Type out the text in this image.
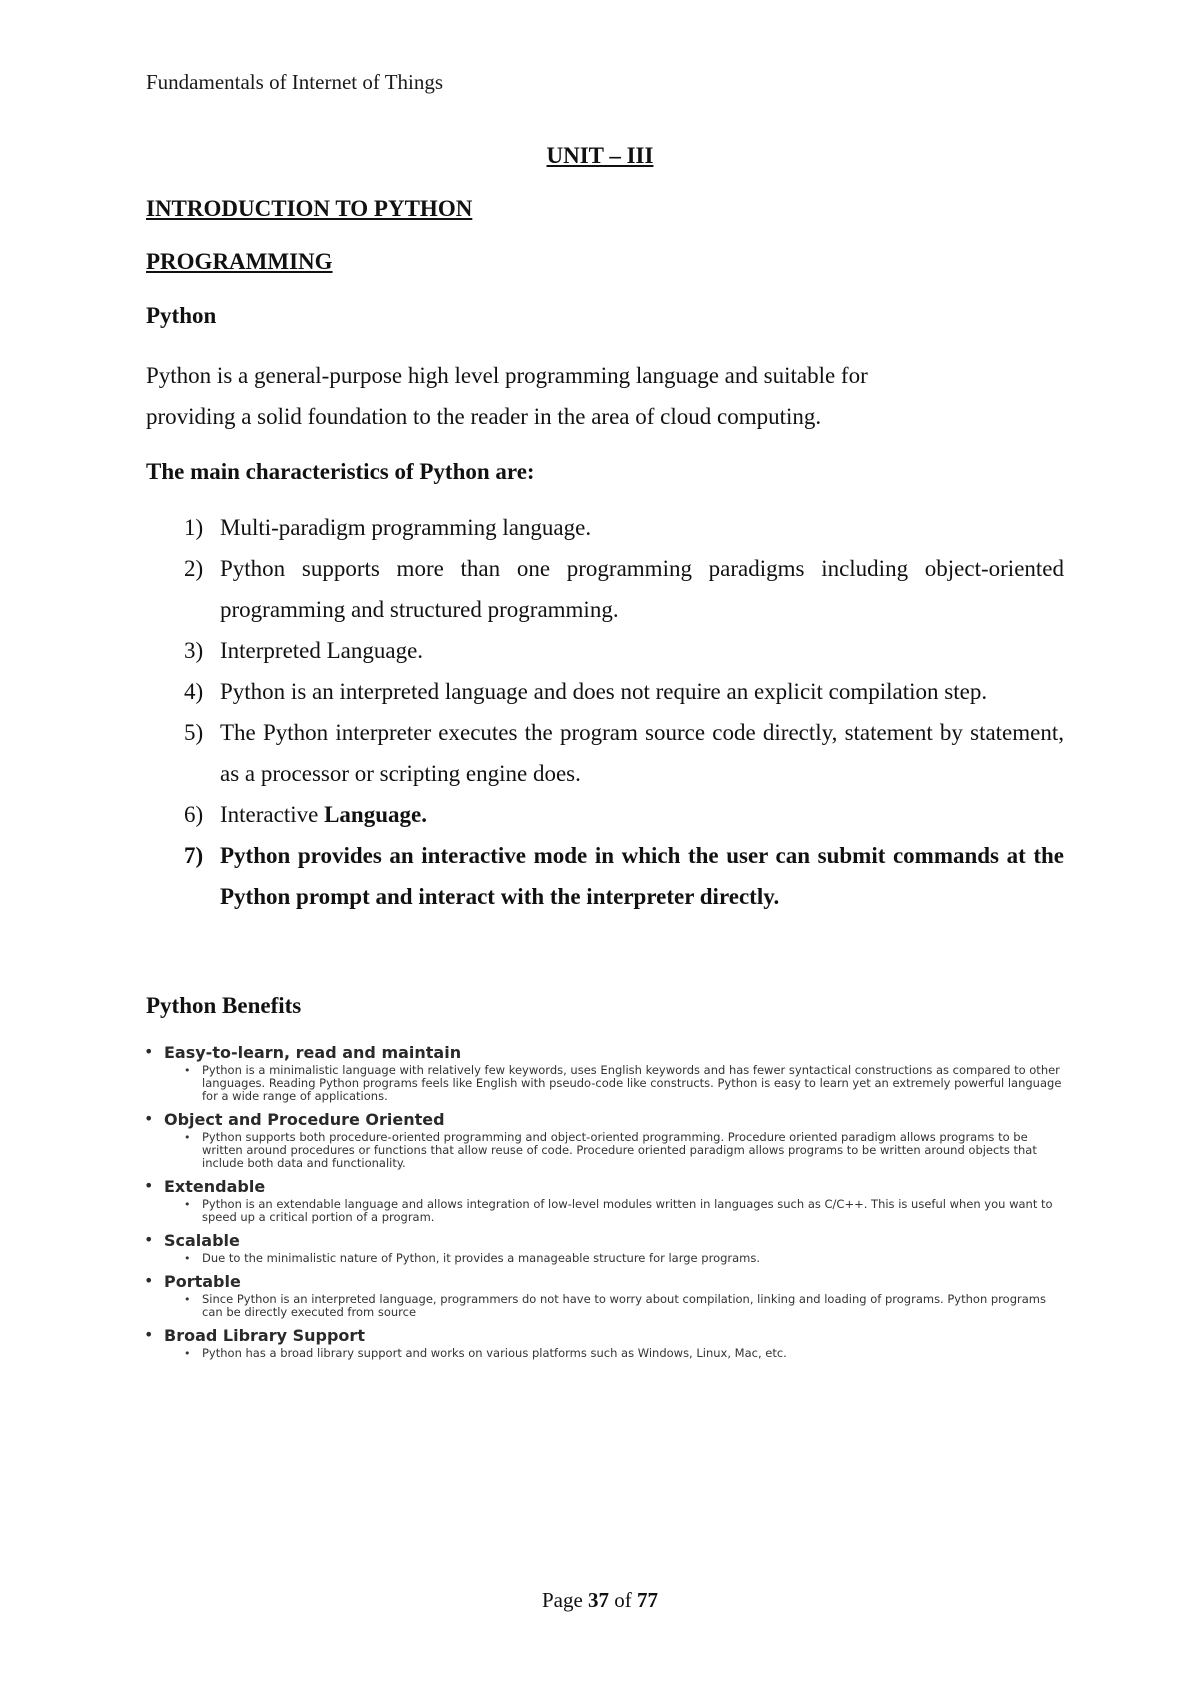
Fundamentals of Internet of Things
UNIT – III
INTRODUCTION TO PYTHON
PROGRAMMING
Python
Python is a general-purpose high level programming language and suitable for
providing a solid foundation to the reader in the area of cloud computing.
The main characteristics of Python are:
1) Multi-paradigm programming language.
2) Python supports more than one programming paradigms including object-oriented programming and structured programming.
3) Interpreted Language.
4) Python is an interpreted language and does not require an explicit compilation step.
5) The Python interpreter executes the program source code directly, statement by statement, as a processor or scripting engine does.
6) Interactive Language.
7) Python provides an interactive mode in which the user can submit commands at the Python prompt and interact with the interpreter directly.
Python Benefits
• Easy-to-learn, read and maintain
• Python is a minimalistic language with relatively few keywords, uses English keywords and has fewer syntactical constructions as compared to other languages. Reading Python programs feels like English with pseudo-code like constructs. Python is easy to learn yet an extremely powerful language for a wide range of applications.
• Object and Procedure Oriented
• Python supports both procedure-oriented programming and object-oriented programming. Procedure oriented paradigm allows programs to be written around procedures or functions that allow reuse of code. Procedure oriented paradigm allows programs to be written around objects that include both data and functionality.
• Extendable
• Python is an extendable language and allows integration of low-level modules written in languages such as C/C++. This is useful when you want to speed up a critical portion of a program.
• Scalable
• Due to the minimalistic nature of Python, it provides a manageable structure for large programs.
• Portable
• Since Python is an interpreted language, programmers do not have to worry about compilation, linking and loading of programs. Python programs can be directly executed from source
• Broad Library Support
• Python has a broad library support and works on various platforms such as Windows, Linux, Mac, etc.
Page 37 of 77
